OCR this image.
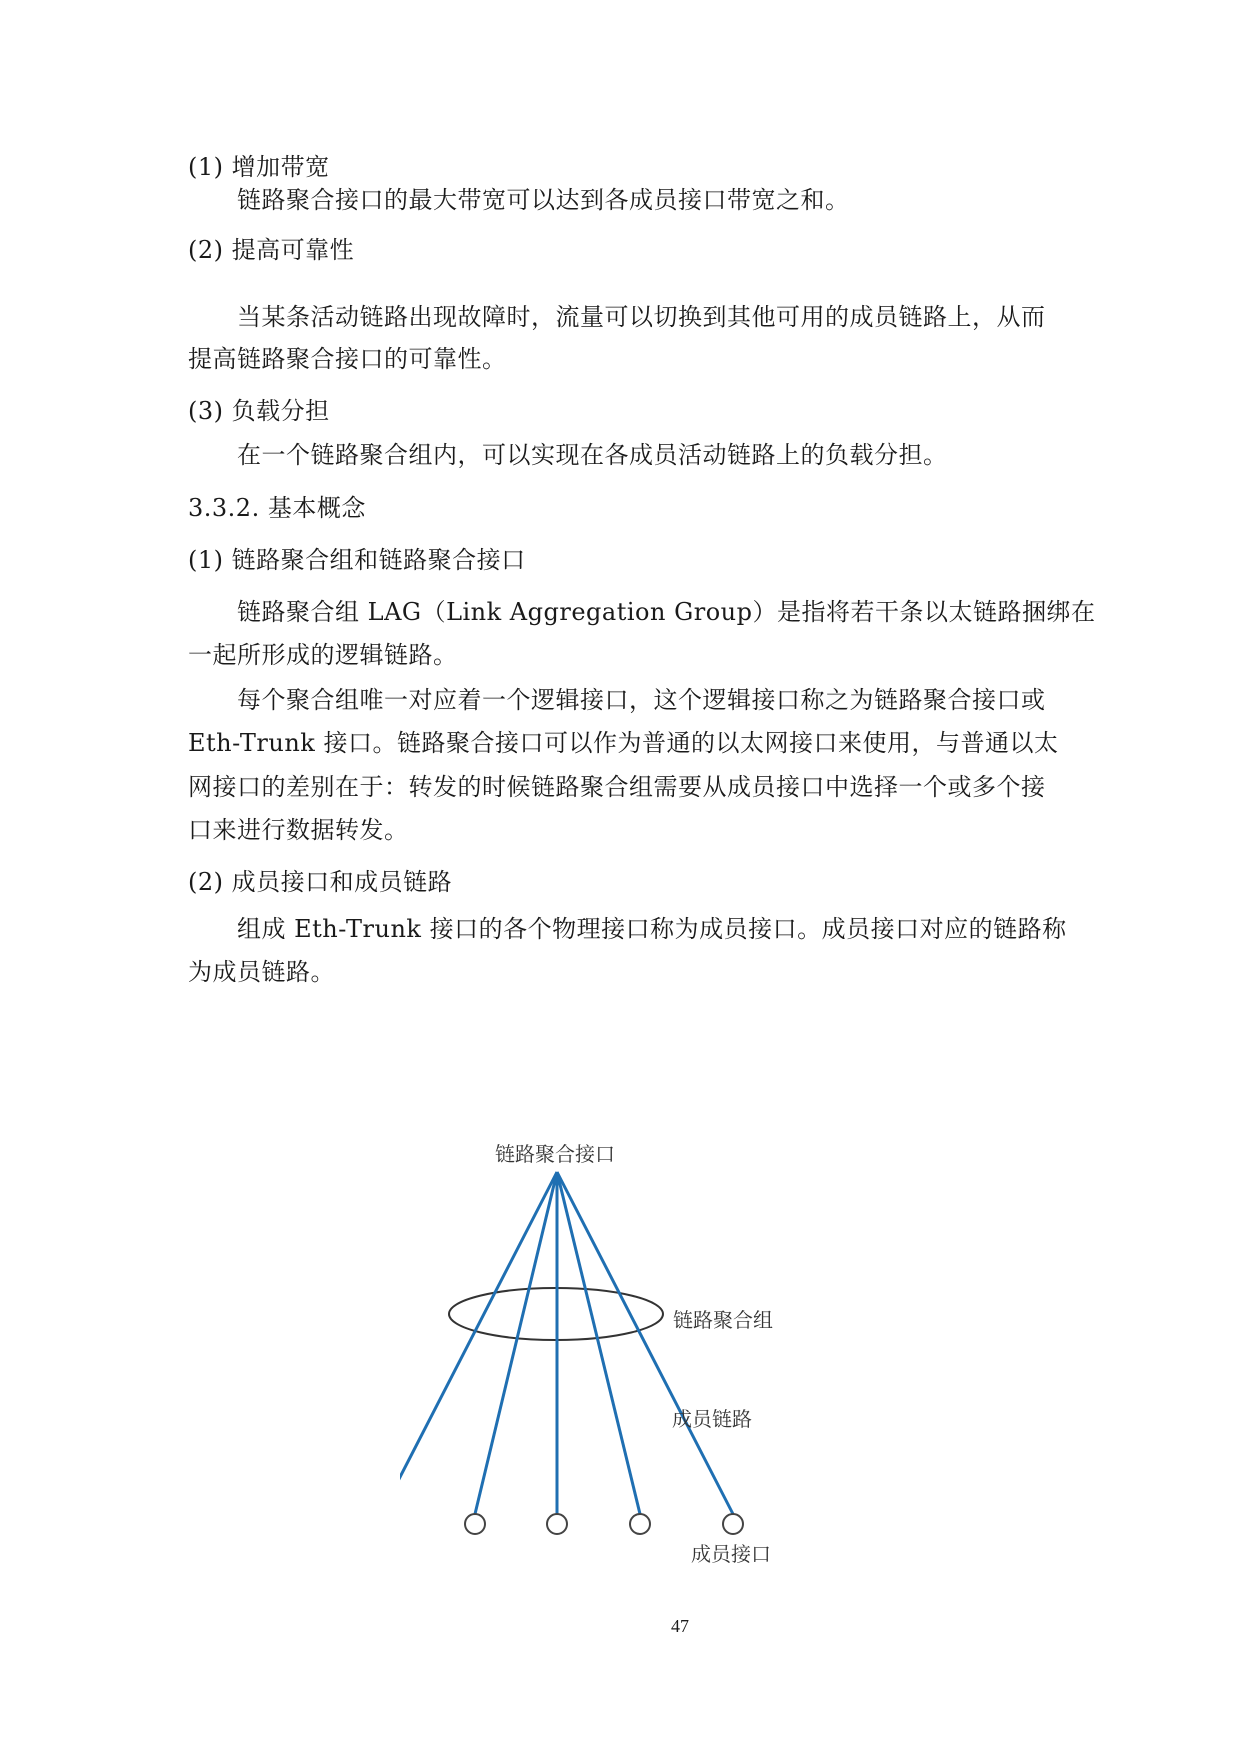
(1) 增加带宽
链路聚合接口的最大带宽可以达到各成员接口带宽之和。
(2) 提高可靠性
当某条活动链路出现故障时，流量可以切换到其他可用的成员链路上，从而
提高链路聚合接口的可靠性。
(3) 负载分担
在一个链路聚合组内，可以实现在各成员活动链路上的负载分担。
3.3.2. 基本概念
(1) 链路聚合组和链路聚合接口
链路聚合组 LAG（Link Aggregation Group）是指将若干条以太链路捆绑在
一起所形成的逻辑链路。
每个聚合组唯一对应着一个逻辑接口，这个逻辑接口称之为链路聚合接口或
Eth-Trunk 接口。链路聚合接口可以作为普通的以太网接口来使用，与普通以太
网接口的差别在于：转发的时候链路聚合组需要从成员接口中选择一个或多个接
口来进行数据转发。
(2) 成员接口和成员链路
组成 Eth-Trunk 接口的各个物理接口称为成员接口。成员接口对应的链路称
为成员链路。
链路聚合接口
链路聚合组
成员链路
成员接口
47
